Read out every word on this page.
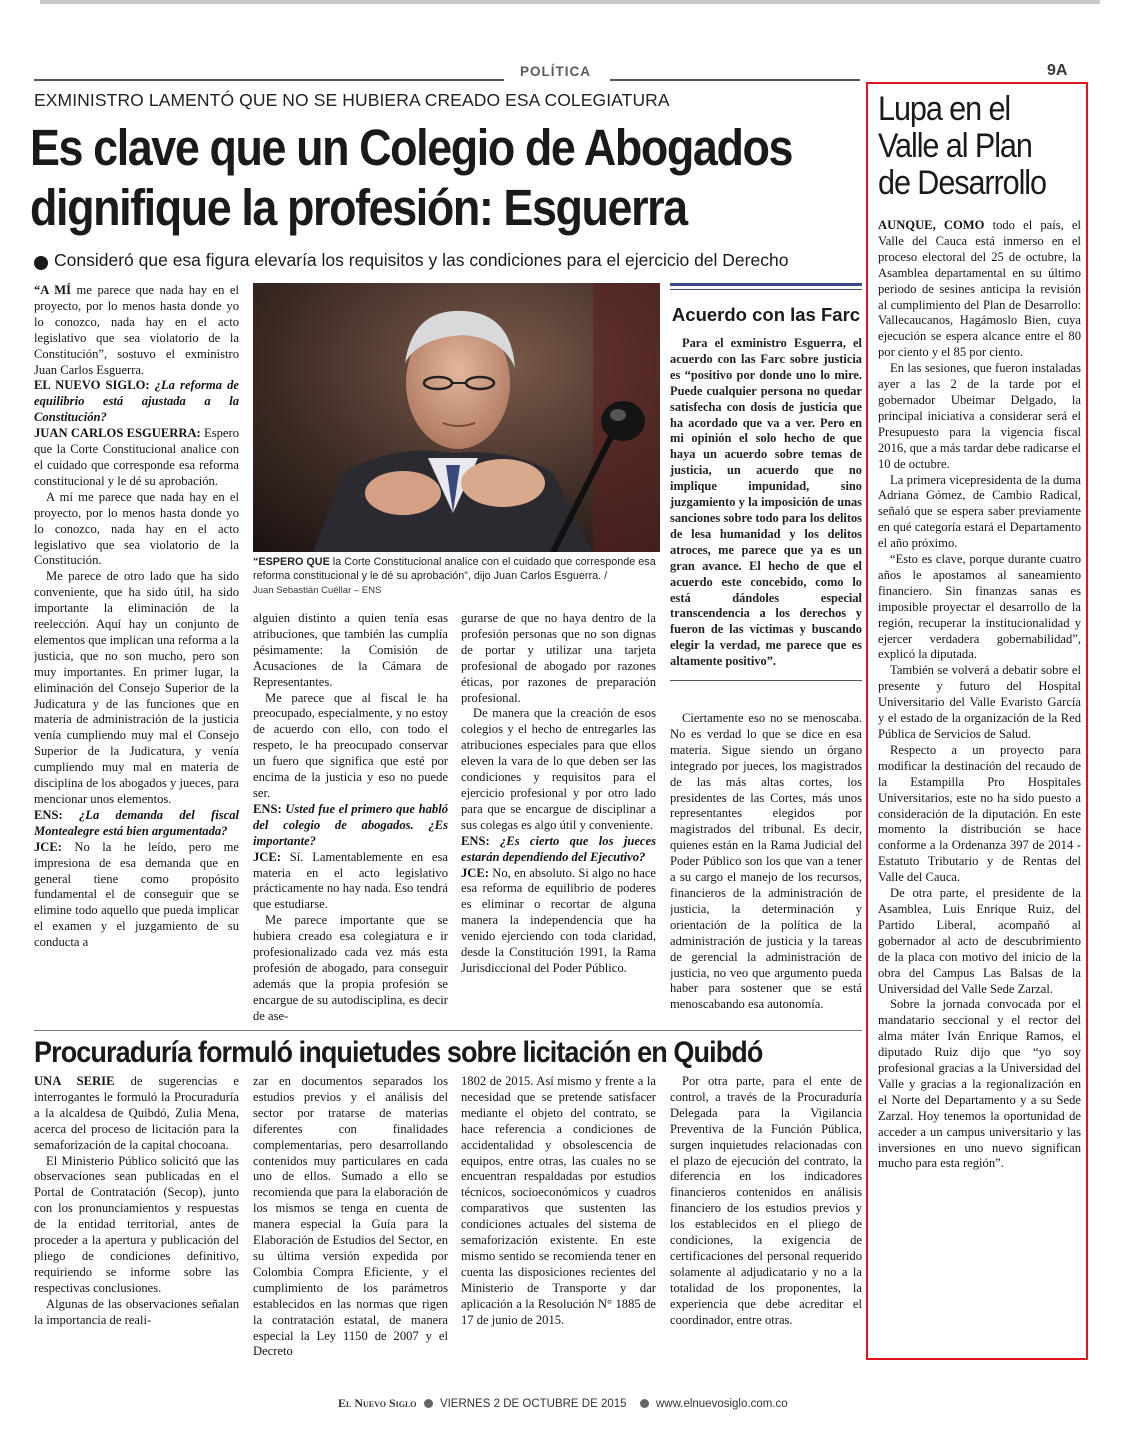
POLÍTICA	9A
EXMINISTRO LAMENTÓ QUE NO SE HUBIERA CREADO ESA COLEGIATURA
Es clave que un Colegio de Abogados
dignifique la profesión: Esguerra
Consideró que esa figura elevaría los requisitos y las condiciones para el ejercicio del Derecho
“ESPERO QUE la Corte Constitucional analice con el cuidado que corresponde esa reforma constitucional y le dé su aprobación”, dijo Juan Carlos Esguerra. /
Juan Sebastián Cuéllar – ENS

“A MÍ me parece que nada hay en el proyecto, por lo menos hasta donde yo lo conozco, nada hay en el acto legislativo que sea violatorio de la Constitución”, sostuvo el exministro Juan Carlos Esguerra.

EL NUEVO SIGLO: ¿La reforma de equilibrio está ajustada a la Constitución?

JUAN CARLOS ESGUERRA: Espero que la Corte Constitucional analice con el cuidado que corresponde esa reforma constitucional y le dé su aprobación.

A mí me parece que nada hay en el proyecto, por lo menos hasta donde yo lo conozco, nada hay en el acto legislativo que sea violatorio de la Constitución.

Me parece de otro lado que ha sido conveniente, que ha sido útil, ha sido importante la eliminación de la reelección. Aquí hay un conjunto de elementos que implican una reforma a la justicia, que no son mucho, pero son muy importantes. En primer lugar, la eliminación del Consejo Superior de la Judicatura y de las funciones que en materia de administración de la justicia venía cumpliendo muy mal el Consejo Superior de la Judicatura, y venía cumpliendo muy mal en materia de disciplina de los abogados y jueces, para mencionar unos elementos.

ENS: ¿La demanda del fiscal Montealegre está bien argumentada?

JCE: No la he leído, pero me impresiona de esa demanda que en general tiene como propósito fundamental el de conseguir que se elimine todo aquello que pueda implicar el examen y el juzgamiento de su conducta a

alguien distinto a quien tenía esas atribuciones, que también las cumplía pésimamente: la Comisión de Acusaciones de la Cámara de Representantes.

Me parece que al fiscal le ha preocupado, especialmente, y no estoy de acuerdo con ello, con todo el respeto, le ha preocupado conservar un fuero que significa que esté por encima de la justicia y eso no puede ser.

ENS: Usted fue el primero que habló del colegio de abogados. ¿Es importante?

JCE: Sí. Lamentablemente en esa materia en el acto legislativo prácticamente no hay nada. Eso tendrá que estudiarse.

Me parece importante que se hubiera creado esa colegiatura e ir profesionalizado cada vez más esta profesión de abogado, para conseguir además que la propia profesión se encargue de su autodisciplina, es decir de ase-

gurarse de que no haya dentro de la profesión personas que no son dignas de portar y utilizar una tarjeta profesional de abogado por razones éticas, por razones de preparación profesional.

De manera que la creación de esos colegios y el hecho de entregarles las atribuciones especiales para que ellos eleven la vara de lo que deben ser las condiciones y requisitos para el ejercicio profesional y por otro lado para que se encargue de disciplinar a sus colegas es algo útil y conveniente.

ENS: ¿Es cierto que los jueces estarán dependiendo del Ejecutivo?

JCE: No, en absoluto. Si algo no hace esa reforma de equilibrio de poderes es eliminar o recortar de alguna manera la independencia que ha venido ejerciendo con toda claridad, desde la Constitución 1991, la Rama Jurisdiccional del Poder Público.

Acuerdo con las Farc

Para el exministro Esguerra, el acuerdo con las Farc sobre justicia es “positivo por donde uno lo mire. Puede cualquier persona no quedar satisfecha con dosis de justicia que ha acordado que va a ver. Pero en mi opinión el solo hecho de que haya un acuerdo sobre temas de justicia, un acuerdo que no implique impunidad, sino juzgamiento y la imposición de unas sanciones sobre todo para los delitos de lesa humanidad y los delitos atroces, me parece que ya es un gran avance. El hecho de que el acuerdo este concebido, como lo está dándoles especial transcendencia a los derechos y fueron de las víctimas y buscando elegir la verdad, me parece que es altamente positivo”.

Ciertamente eso no se menoscaba. No es verdad lo que se dice en esa materia. Sigue siendo un órgano integrado por jueces, los magistrados de las más altas cortes, los presidentes de las Cortes, más unos representantes elegidos por magistrados del tribunal. Es decir, quienes están en la Rama Judicial del Poder Público son los que van a tener a su cargo el manejo de los recursos, financieros de la administración de justicia, la determinación y orientación de la política de la administración de justicia y la tareas de gerencial la administración de justicia, no veo que argumento pueda haber para sostener que se está menoscabando esa autonomía.

Procuraduría formuló inquietudes sobre licitación en Quibdó

UNA SERIE de sugerencias e interrogantes le formuló la Procuraduría a la alcaldesa de Quibdó, Zulia Mena, acerca del proceso de licitación para la semaforización de la capital chocoana.

El Ministerio Público solicitó que las observaciones sean publicadas en el Portal de Contratación (Secop), junto con los pronunciamientos y respuestas de la entidad territorial, antes de proceder a la apertura y publicación del pliego de condiciones definitivo, requiriendo se informe sobre las respectivas conclusiones.

Algunas de las observaciones señalan la importancia de reali-

zar en documentos separados los estudios previos y el análisis del sector por tratarse de materias diferentes con finalidades complementarias, pero desarrollando contenidos muy particulares en cada uno de ellos. Sumado a ello se recomienda que para la elaboración de los mismos se tenga en cuenta de manera especial la Guía para la Elaboración de Estudios del Sector, en su última versión expedida por Colombia Compra Eficiente, y el cumplimiento de los parámetros establecidos en las normas que rigen la contratación estatal, de manera especial la Ley 1150 de 2007 y el Decreto

1802 de 2015. Así mismo y frente a la necesidad que se pretende satisfacer mediante el objeto del contrato, se hace referencia a condiciones de accidentalidad y obsolescencia de equipos, entre otras, las cuales no se encuentran respaldadas por estudios técnicos, socioeconómicos y cuadros comparativos que sustenten las condiciones actuales del sistema de semaforización existente. En este mismo sentido se recomienda tener en cuenta las disposiciones recientes del Ministerio de Transporte y dar aplicación a la Resolución N° 1885 de 17 de junio de 2015.

Por otra parte, para el ente de control, a través de la Procuraduría Delegada para la Vigilancia Preventiva de la Función Pública, surgen inquietudes relacionadas con el plazo de ejecución del contrato, la diferencia en los indicadores financieros contenidos en análisis financiero de los estudios previos y los establecidos en el pliego de condiciones, la exigencia de certificaciones del personal requerido solamente al adjudicatario y no a la totalidad de los proponentes, la experiencia que debe acreditar el coordinador, entre otras.

Lupa en el Valle al Plan de Desarrollo

AUNQUE, COMO todo el país, el Valle del Cauca está inmerso en el proceso electoral del 25 de octubre, la Asamblea departamental en su último periodo de sesines anticipa la revisión al cumplimiento del Plan de Desarrollo: Vallecaucanos, Hagámoslo Bien, cuya ejecución se espera alcance entre el 80 por ciento y el 85 por ciento.

En las sesiones, que fueron instaladas ayer a las 2 de la tarde por el gobernador Ubeimar Delgado, la principal iniciativa a considerar será el Presupuesto para la vigencia fiscal 2016, que a más tardar debe radicarse el 10 de octubre.

La primera vicepresidenta de la duma Adriana Gómez, de Cambio Radical, señaló que se espera saber previamente en qué categoría estará el Departamento el año próximo.

“Esto es clave, porque durante cuatro años le apostamos al saneamiento financiero. Sin finanzas sanas es imposible proyectar el desarrollo de la región, recuperar la institucionalidad y ejercer verdadera gobernabilidad”, explicó la diputada.

También se volverá a debatir sobre el presente y futuro del Hospital Universitario del Valle Evaristo García y el estado de la organización de la Red Pública de Servicios de Salud.

Respecto a un proyecto para modificar la destinación del recaudo de la Estampilla Pro Hospitales Universitarios, este no ha sido puesto a consideración de la diputación. En este momento la distribución se hace conforme a la Ordenanza 397 de 2014 - Estatuto Tributario y de Rentas del Valle del Cauca.

De otra parte, el presidente de la Asamblea, Luis Enrique Ruiz, del Partido Liberal, acompañó al gobernador al acto de descubrimiento de la placa con motivo del inicio de la obra del Campus Las Balsas de la Universidad del Valle Sede Zarzal.

Sobre la jornada convocada por el mandatario seccional y el rector del alma máter Iván Enrique Ramos, el diputado Ruiz dijo que “yo soy profesional gracias a la Universidad del Valle y gracias a la regionalización en el Norte del Departamento y a su Sede Zarzal. Hoy tenemos la oportunidad de acceder a un campus universitario y las inversiones en uno nuevo significan mucho para esta región”.

El Nuevo Siglo VIERNES 2 DE OCTUBRE DE 2015	www.elnuevosiglo.com.co
